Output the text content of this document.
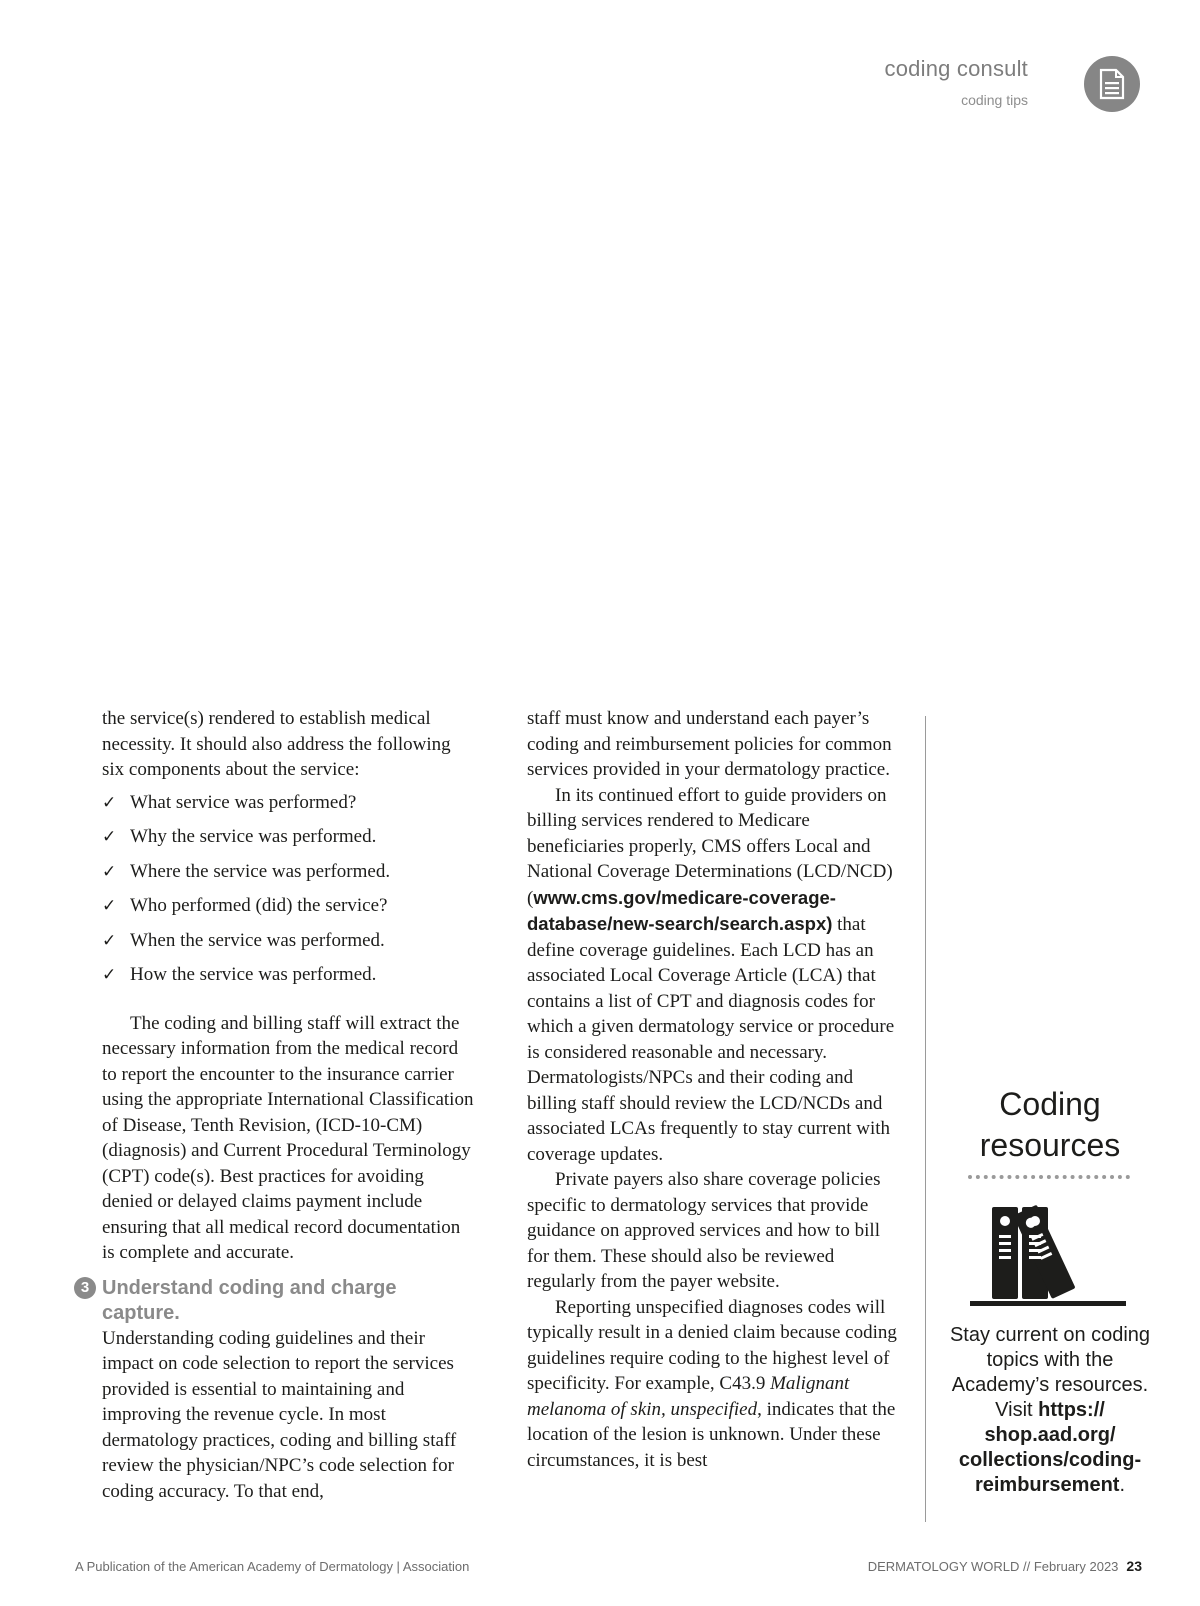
coding consult
coding tips

the service(s) rendered to establish medical necessity. It should also address the following six components about the service:

✓ What service was performed?
✓ Why the service was performed.
✓ Where the service was performed.
✓ Who performed (did) the service?
✓ When the service was performed.
✓ How the service was performed.

The coding and billing staff will extract the necessary information from the medical record to report the encounter to the insurance carrier using the appropriate International Classification of Disease, Tenth Revision, (ICD-10-CM) (diagnosis) and Current Procedural Terminology (CPT) code(s). Best practices for avoiding denied or delayed claims payment include ensuring that all medical record documentation is complete and accurate.

3 Understand coding and charge capture.

Understanding coding guidelines and their impact on code selection to report the services provided is essential to maintaining and improving the revenue cycle. In most dermatology practices, coding and billing staff review the physician/NPC’s code selection for coding accuracy. To that end,

staff must know and understand each payer’s coding and reimbursement policies for common services provided in your dermatology practice.

In its continued effort to guide providers on billing services rendered to Medicare beneficiaries properly, CMS offers Local and National Coverage Determinations (LCD/NCD) (www.cms.gov/medicare-coverage-database/new-search/search.aspx) that define coverage guidelines. Each LCD has an associated Local Coverage Article (LCA) that contains a list of CPT and diagnosis codes for which a given dermatology service or procedure is considered reasonable and necessary. Dermatologists/NPCs and their coding and billing staff should review the LCD/NCDs and associated LCAs frequently to stay current with coverage updates.

Private payers also share coverage policies specific to dermatology services that provide guidance on approved services and how to bill for them. These should also be reviewed regularly from the payer website.

Reporting unspecified diagnoses codes will typically result in a denied claim because coding guidelines require coding to the highest level of specificity. For example, C43.9 Malignant melanoma of skin, unspecified, indicates that the location of the lesion is unknown. Under these circumstances, it is best

Coding
resources
Stay current on coding topics with the Academy’s resources.
Visit https://
shop.aad.org/
collections/coding-
reimbursement.
A Publication of the American Academy of Dermatology | Association	DERMATOLOGY WORLD // February 2023 23
